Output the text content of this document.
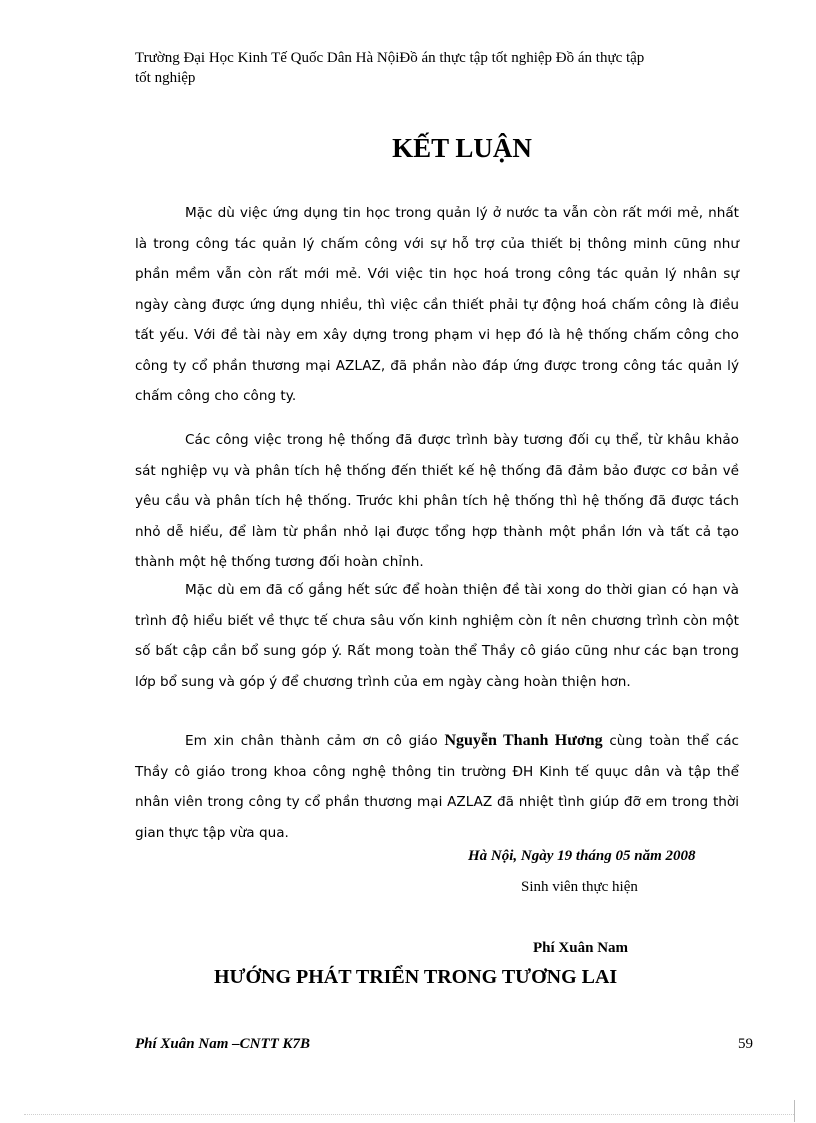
Trường Đại Học Kinh Tế Quốc Dân Hà NộiĐồ án thực tập tốt nghiệp Đồ án thực tập
tốt nghiệp
KẾT LUẬN

Mặc dù việc ứng dụng tin học trong quản lý ở nước ta vẫn còn rất mới mẻ, nhất là trong công tác quản lý chấm công với sự hỗ trợ của thiết bị thông minh cũng như phần mềm vẫn còn rất mới mẻ. Với việc tin học hoá trong công tác quản lý nhân sự ngày càng được ứng dụng nhiều, thì việc cần thiết phải tự động hoá chấm công là điều tất yếu. Với đề tài này em xây dựng trong phạm vi hẹp đó là hệ thống chấm công cho công ty cổ phần thương mại AZLAZ, đã phần nào đáp ứng được trong công tác quản lý chấm công cho công ty.

Các công việc trong hệ thống đã được trình bày tương đối cụ thể, từ khâu khảo sát nghiệp vụ và phân tích hệ thống đến thiết kế hệ thống đã đảm bảo được cơ bản về yêu cầu và phân tích hệ thống. Trước khi phân tích hệ thống thì hệ thống đã được tách nhỏ dễ hiểu, để làm từ phần nhỏ lại được tổng hợp thành một phần lớn và tất cả tạo thành một hệ thống tương đối hoàn chỉnh.

Mặc dù em đã cố gắng hết sức để hoàn thiện đề tài xong do thời gian có hạn và trình độ hiểu biết về thực tế chưa sâu vốn kinh nghiệm còn ít nên chương trình còn một số bất cập cần bổ sung góp ý. Rất mong toàn thể Thầy cô giáo cũng như các bạn trong lớp bổ sung và góp ý để chương trình của em ngày càng hoàn thiện hơn.

Em xin chân thành cảm ơn cô giáo Nguyễn Thanh Hương cùng toàn thể các Thầy cô giáo trong khoa công nghệ thông tin trường ĐH Kinh tế quục dân và tập thể nhân viên trong công ty cổ phần thương mại AZLAZ đã nhiệt tình giúp đỡ em trong thời gian thực tập vừa qua.

Hà Nội, Ngày 19 tháng 05 năm 2008
Sinh viên thực hiện
Phí Xuân Nam
HƯỚNG PHÁT TRIỂN TRONG TƯƠNG LAI
Phí Xuân Nam –CNTT K7B	59
